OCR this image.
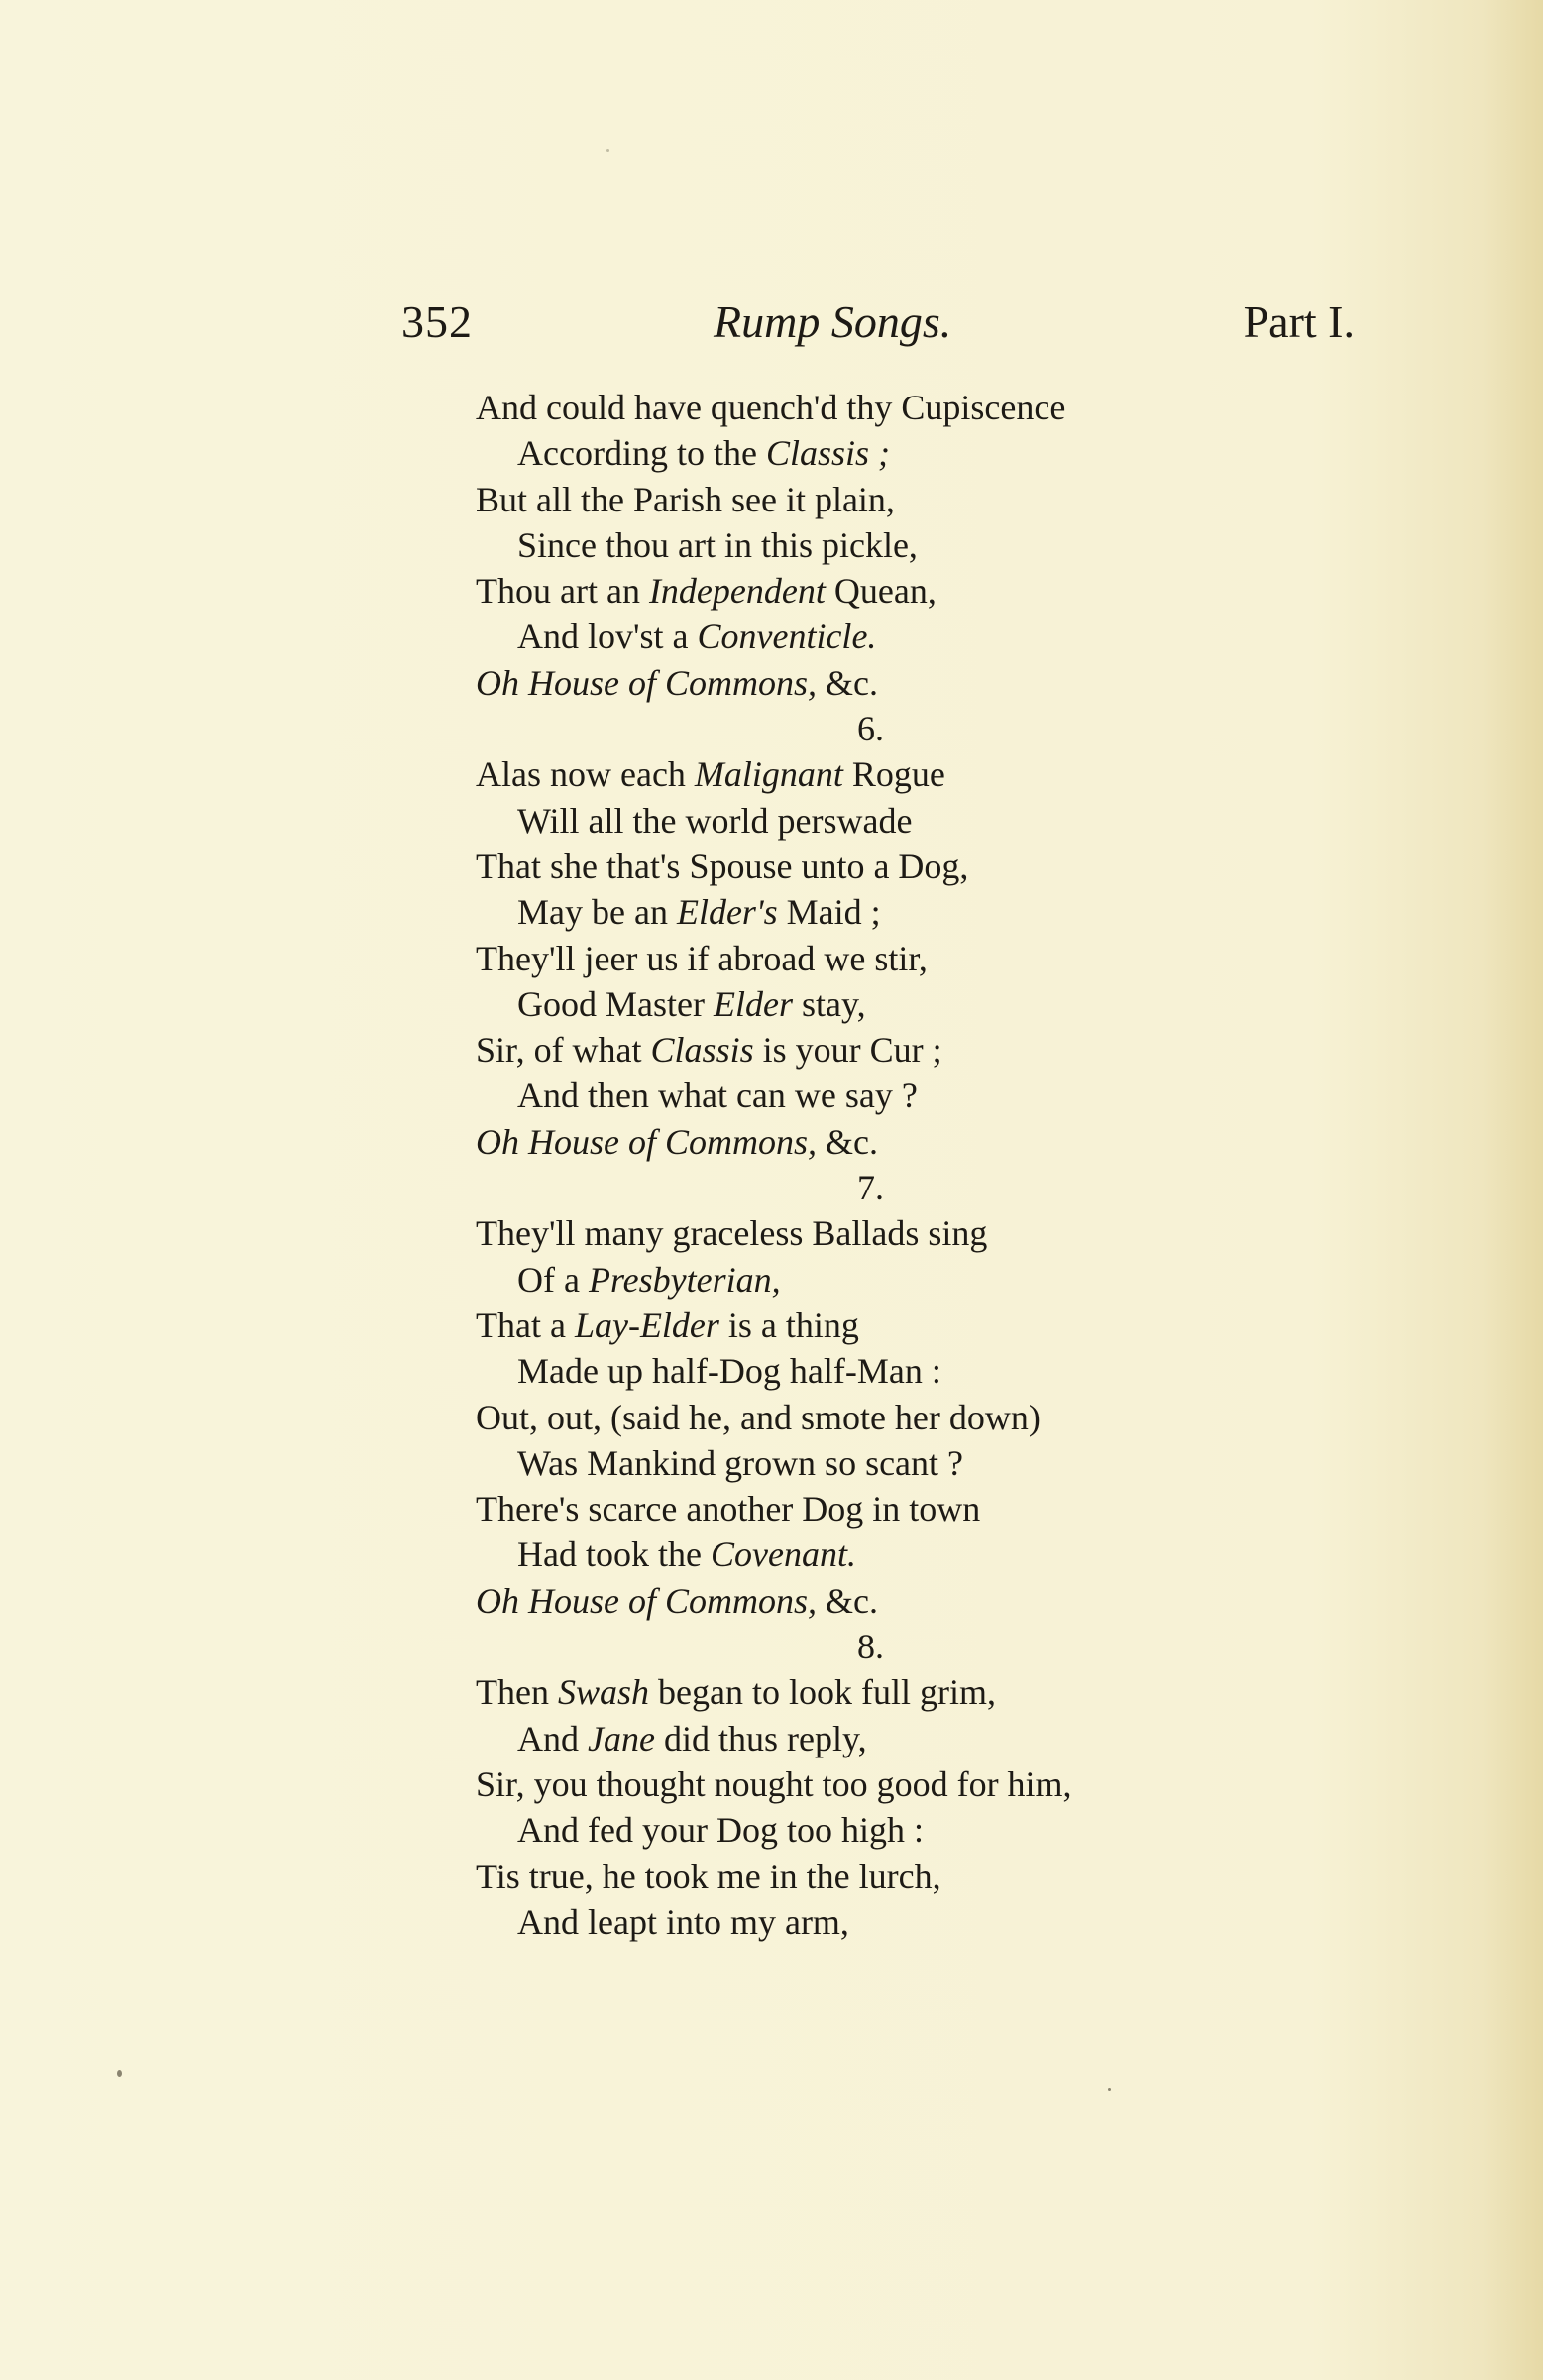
352	Rump Songs.	Part I.
And could have quench'd thy Cupiscence
According to the Classis ;
But all the Parish see it plain,
Since thou art in this pickle,
Thou art an Independent Quean,
And lov'st a Conventicle.
Oh House of Commons, &c.
6.
Alas now each Malignant Rogue
Will all the world perswade
That she that's Spouse unto a Dog,
May be an Elder's Maid ;
They'll jeer us if abroad we stir,
Good Master Elder stay,
Sir, of what Classis is your Cur ;
And then what can we say ?
Oh House of Commons, &c.
7.
They'll many graceless Ballads sing
Of a Presbyterian,
That a Lay-Elder is a thing
Made up half-Dog half-Man :
Out, out, (said he, and smote her down)
Was Mankind grown so scant ?
There's scarce another Dog in town
Had took the Covenant.
Oh House of Commons, &c.
8.
Then Swash began to look full grim,
And Jane did thus reply,
Sir, you thought nought too good for him,
And fed your Dog too high :
Tis true, he took me in the lurch,
And leapt into my arm,
